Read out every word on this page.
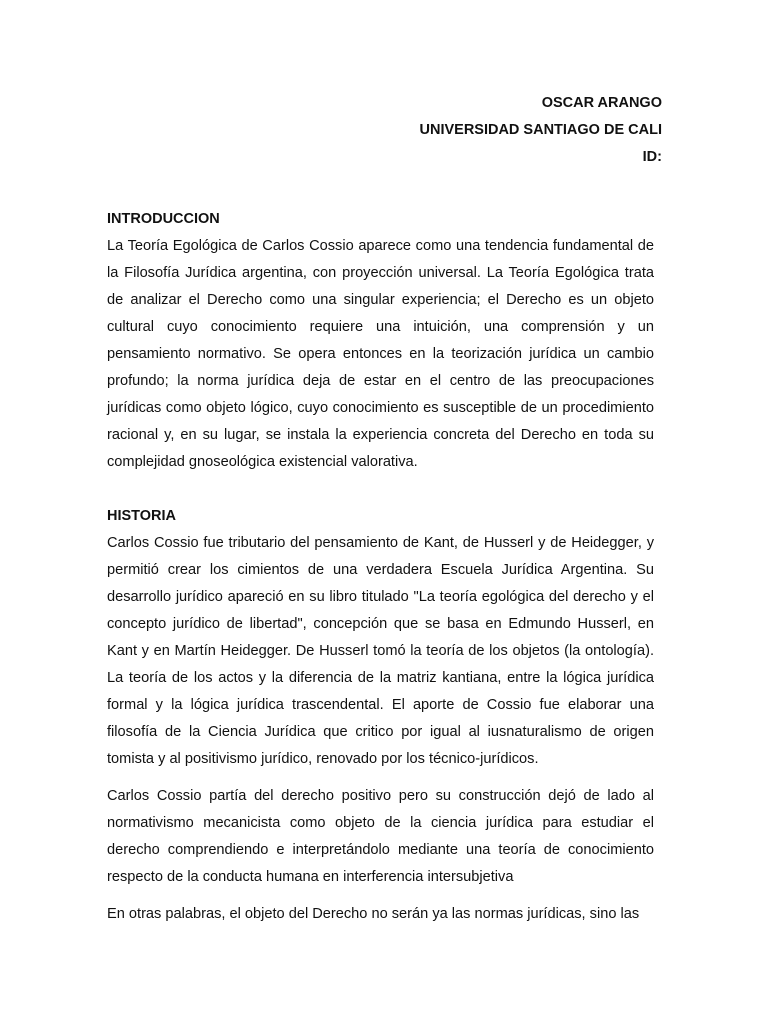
OSCAR ARANGO
UNIVERSIDAD SANTIAGO DE CALI
ID:
INTRODUCCION

La Teoría Egológica de Carlos Cossio aparece como una tendencia fundamental de la Filosofía Jurídica argentina, con proyección universal. La Teoría Egológica trata de analizar el Derecho como una singular experiencia; el Derecho es un objeto cultural cuyo conocimiento requiere una intuición, una comprensión y un pensamiento normativo. Se opera entonces en la teorización jurídica un cambio profundo; la norma jurídica deja de estar en el centro de las preocupaciones jurídicas como objeto lógico, cuyo conocimiento es susceptible de un procedimiento racional y, en su lugar, se instala la experiencia concreta del Derecho en toda su complejidad gnoseológica existencial valorativa.

HISTORIA

Carlos Cossio fue tributario del pensamiento de Kant, de Husserl y de Heidegger, y permitió crear los cimientos de una verdadera Escuela Jurídica Argentina. Su desarrollo jurídico apareció en su libro titulado "La teoría egológica del derecho y el concepto jurídico de libertad", concepción que se basa en Edmundo Husserl, en Kant y en Martín Heidegger. De Husserl tomó la teoría de los objetos (la ontología). La teoría de los actos y la diferencia de la matriz kantiana, entre la lógica jurídica formal y la lógica jurídica trascendental. El aporte de Cossio fue elaborar una filosofía de la Ciencia Jurídica que critico por igual al iusnaturalismo de origen tomista y al positivismo jurídico, renovado por los técnico-jurídicos.

Carlos Cossio partía del derecho positivo pero su construcción dejó de lado al normativismo mecanicista como objeto de la ciencia jurídica para estudiar el derecho comprendiendo e interpretándolo mediante una teoría de conocimiento respecto de la conducta humana en interferencia intersubjetiva

En otras palabras, el objeto del Derecho no serán ya las normas jurídicas, sino las
